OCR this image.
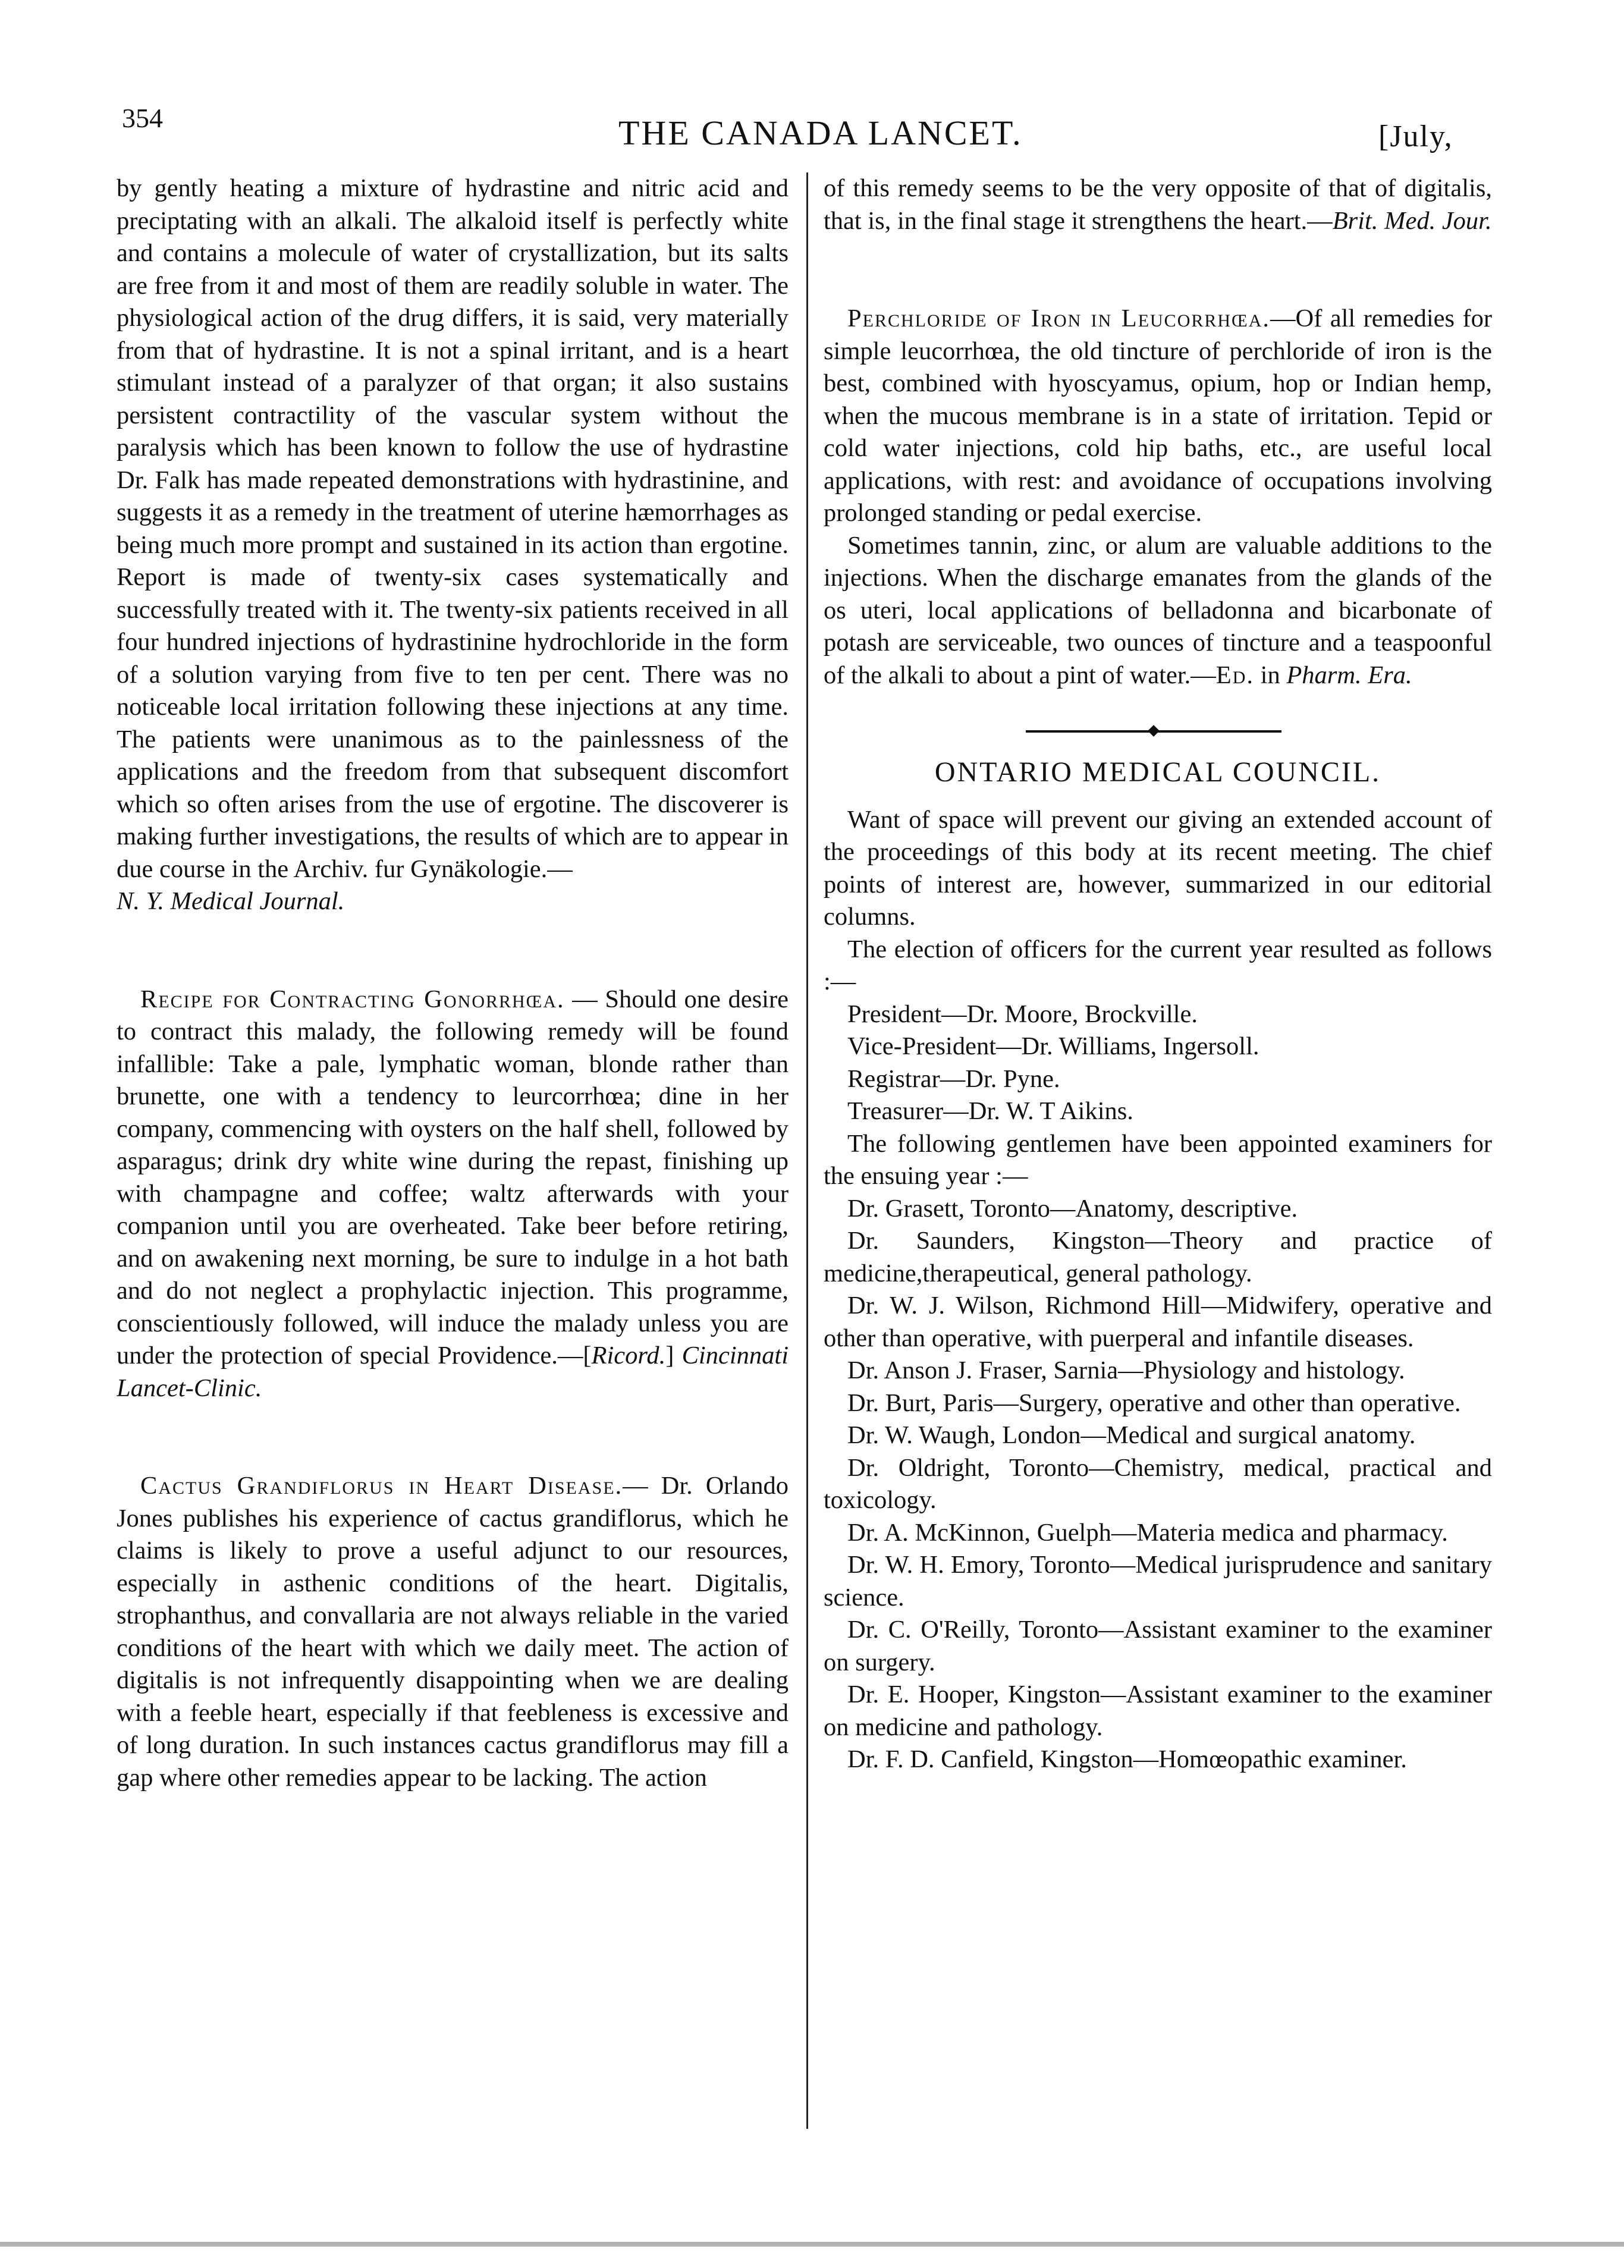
354	THE CANADA LANCET.	[July,

by gently heating a mixture of hydrastine and nitric acid and preciptating with an alkali. The alkaloid itself is perfectly white and contains a molecule of water of crystallization, but its salts are free from it and most of them are readily soluble in water. The physiological action of the drug differs, it is said, very materially from that of hydrastine. It is not a spinal irritant, and is a heart stimulant instead of a paralyzer of that organ; it also sustains persistent contractility of the vascular system without the paralysis which has been known to follow the use of hydrastine Dr. Falk has made repeated demonstrations with hydrastinine, and suggests it as a remedy in the treatment of uterine hæmorrhages as being much more prompt and sustained in its action than ergotine. Report is made of twenty-six cases systematically and successfully treated with it. The twenty-six patients received in all four hundred injections of hydrastinine hydrochloride in the form of a solution varying from five to ten per cent. There was no noticeable local irritation following these injections at any time. The patients were unanimous as to the painlessness of the applications and the freedom from that subsequent discomfort which so often arises from the use of ergotine. The discoverer is making further investigations, the results of which are to appear in due course in the Archiv. fur Gynäkologie.—
N. Y. Medical Journal.

Recipe for Contracting Gonorrhœa. — Should one desire to contract this malady, the following remedy will be found infallible: Take a pale, lymphatic woman, blonde rather than brunette, one with a tendency to leurcorrhœa; dine in her company, commencing with oysters on the half shell, followed by asparagus; drink dry white wine during the repast, finishing up with champagne and coffee; waltz afterwards with your companion until you are overheated. Take beer before retiring, and on awakening next morning, be sure to indulge in a hot bath and do not neglect a prophylactic injection. This programme, conscientiously followed, will induce the malady unless you are under the protection of special Providence.—[Ricord.] Cincinnati Lancet-Clinic.

Cactus Grandiflorus in Heart Disease.— Dr. Orlando Jones publishes his experience of cactus grandiflorus, which he claims is likely to prove a useful adjunct to our resources, especially in asthenic conditions of the heart. Digitalis, strophanthus, and convallaria are not always reliable in the varied conditions of the heart with which we daily meet. The action of digitalis is not infrequently disappointing when we are dealing with a feeble heart, especially if that feebleness is excessive and of long duration. In such instances cactus grandiflorus may fill a gap where other remedies appear to be lacking. The action

of this remedy seems to be the very opposite of that of digitalis, that is, in the final stage it strengthens the heart.—Brit. Med. Jour.

Perchloride of Iron in Leucorrhœa.—Of all remedies for simple leucorrhœa, the old tincture of perchloride of iron is the best, combined with hyoscyamus, opium, hop or Indian hemp, when the mucous membrane is in a state of irritation. Tepid or cold water injections, cold hip baths, etc., are useful local applications, with rest: and avoidance of occupations involving prolonged standing or pedal exercise.

Sometimes tannin, zinc, or alum are valuable additions to the injections. When the discharge emanates from the glands of the os uteri, local applications of belladonna and bicarbonate of potash are serviceable, two ounces of tincture and a teaspoonful of the alkali to about a pint of water.—Ed. in Pharm. Era.

ONTARIO MEDICAL COUNCIL.

Want of space will prevent our giving an extended account of the proceedings of this body at its recent meeting. The chief points of interest are, however, summarized in our editorial columns.

The election of officers for the current year resulted as follows :—

President—Dr. Moore, Brockville.

Vice-President—Dr. Williams, Ingersoll.

Registrar—Dr. Pyne.

Treasurer—Dr. W. T Aikins.

The following gentlemen have been appointed examiners for the ensuing year :—

Dr. Grasett, Toronto—Anatomy, descriptive.

Dr. Saunders, Kingston—Theory and practice of medicine,therapeutical, general pathology.

Dr. W. J. Wilson, Richmond Hill—Midwifery, operative and other than operative, with puerperal and infantile diseases.

Dr. Anson J. Fraser, Sarnia—Physiology and histology.

Dr. Burt, Paris—Surgery, operative and other than operative.

Dr. W. Waugh, London—Medical and surgical anatomy.

Dr. Oldright, Toronto—Chemistry, medical, practical and toxicology.

Dr. A. McKinnon, Guelph—Materia medica and pharmacy.

Dr. W. H. Emory, Toronto—Medical jurisprudence and sanitary science.

Dr. C. O'Reilly, Toronto—Assistant examiner to the examiner on surgery.

Dr. E. Hooper, Kingston—Assistant examiner to the examiner on medicine and pathology.

Dr. F. D. Canfield, Kingston—Homœopathic examiner.
